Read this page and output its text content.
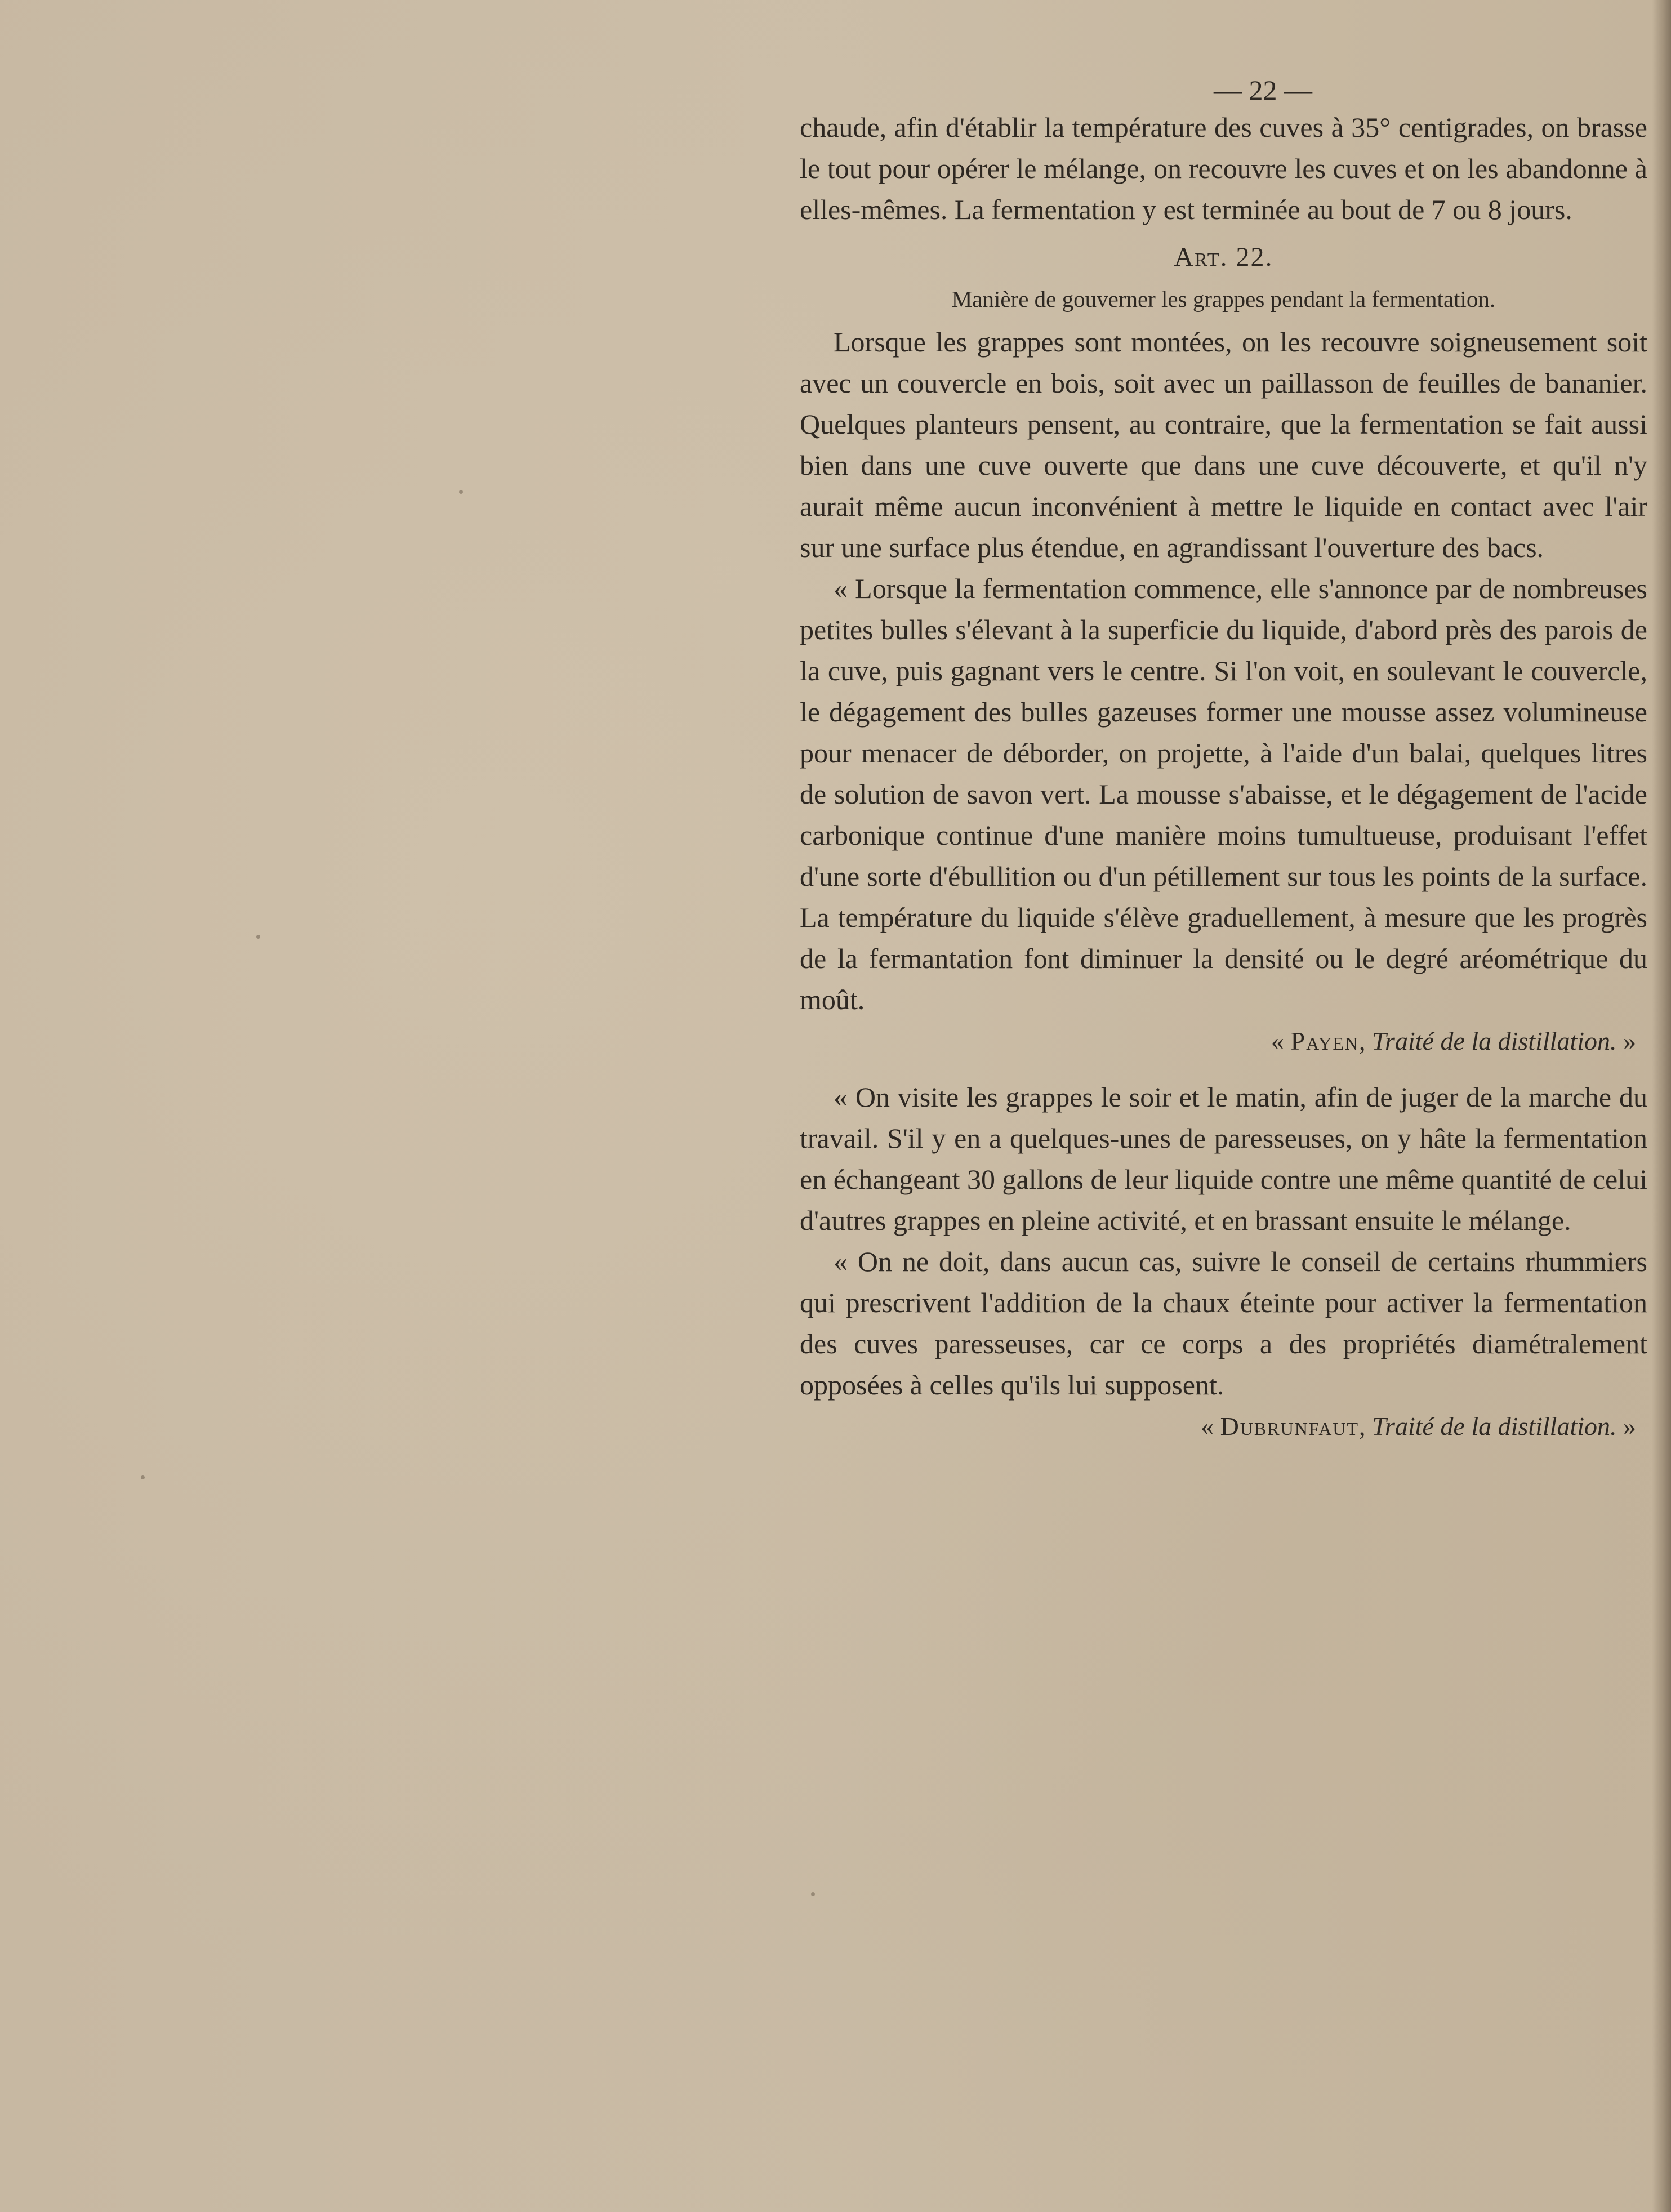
— 22 —

chaude, afin d'établir la température des cuves à 35° centigrades, on brasse le tout pour opérer le mélange, on recouvre les cuves et on les abandonne à elles-mêmes. La fermentation y est terminée au bout de 7 ou 8 jours.

Art. 22.
Manière de gouverner les grappes pendant la fermentation.

Lorsque les grappes sont montées, on les recouvre soigneusement soit avec un couvercle en bois, soit avec un paillasson de feuilles de bananier. Quelques planteurs pensent, au contraire, que la fermentation se fait aussi bien dans une cuve ouverte que dans une cuve découverte, et qu'il n'y aurait même aucun inconvénient à mettre le liquide en contact avec l'air sur une surface plus étendue, en agrandissant l'ouverture des bacs.

« Lorsque la fermentation commence, elle s'annonce par de nombreuses petites bulles s'élevant à la superficie du liquide, d'abord près des parois de la cuve, puis gagnant vers le centre. Si l'on voit, en soulevant le couvercle, le dégagement des bulles gazeuses former une mousse assez volumineuse pour menacer de déborder, on projette, à l'aide d'un balai, quelques litres de solution de savon vert. La mousse s'abaisse, et le dégagement de l'acide carbonique continue d'une manière moins tumultueuse, produisant l'effet d'une sorte d'ébullition ou d'un pétillement sur tous les points de la surface. La température du liquide s'élève graduellement, à mesure que les progrès de la fermantation font diminuer la densité ou le degré aréométrique du moût.

« Payen, Traité de la distillation. »

« On visite les grappes le soir et le matin, afin de juger de la marche du travail. S'il y en a quelques-unes de paresseuses, on y hâte la fermentation en échangeant 30 gallons de leur liquide contre une même quantité de celui d'autres grappes en pleine activité, et en brassant ensuite le mélange.

« On ne doit, dans aucun cas, suivre le conseil de certains rhummiers qui prescrivent l'addition de la chaux éteinte pour activer la fermentation des cuves paresseuses, car ce corps a des propriétés diamétralement opposées à celles qu'ils lui supposent.

« Dubrunfaut, Traité de la distillation. »
